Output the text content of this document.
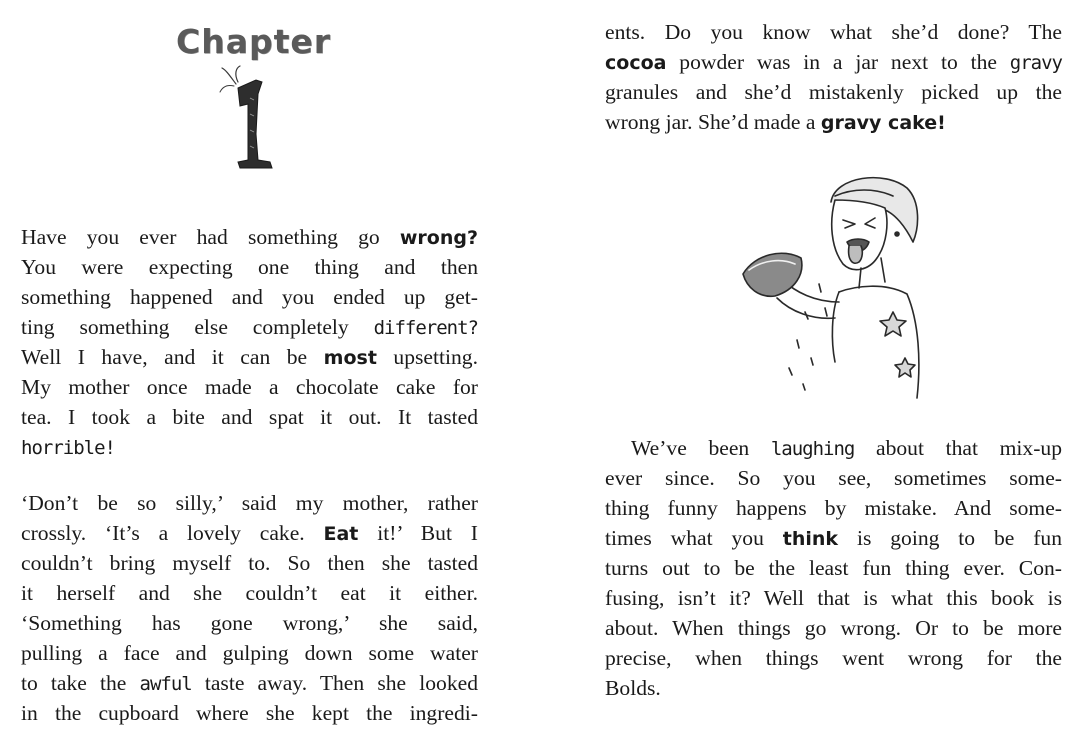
Chapter
1
Have you ever had something go wrong?
You were expecting one thing and then
something happened and you ended up get-
ting something else completely different?
Well I have, and it can be most upsetting.
My mother once made a chocolate cake for
tea. I took a bite and spat it out. It tasted
horrible!
‘Don’t be so silly,’ said my mother, rather
crossly. ‘It’s a lovely cake. Eat it!’ But I
couldn’t bring myself to. So then she tasted
it herself and she couldn’t eat it either.
‘Something has gone wrong,’ she said,
pulling a face and gulping down some water
to take the awful taste away. Then she looked
in the cupboard where she kept the ingredi-
ents. Do you know what she’d done? The
cocoa powder was in a jar next to the gravy
granules and she’d mistakenly picked up the
wrong jar. She’d made a gravy cake!
woman-spitting-cake-illustration
We’ve been laughing about that mix-up
ever since. So you see, sometimes some-
thing funny happens by mistake. And some-
times what you think is going to be fun
turns out to be the least fun thing ever. Con-
fusing, isn’t it? Well that is what this book is
about. When things go wrong. Or to be more
precise, when things went wrong for the
Bolds.
